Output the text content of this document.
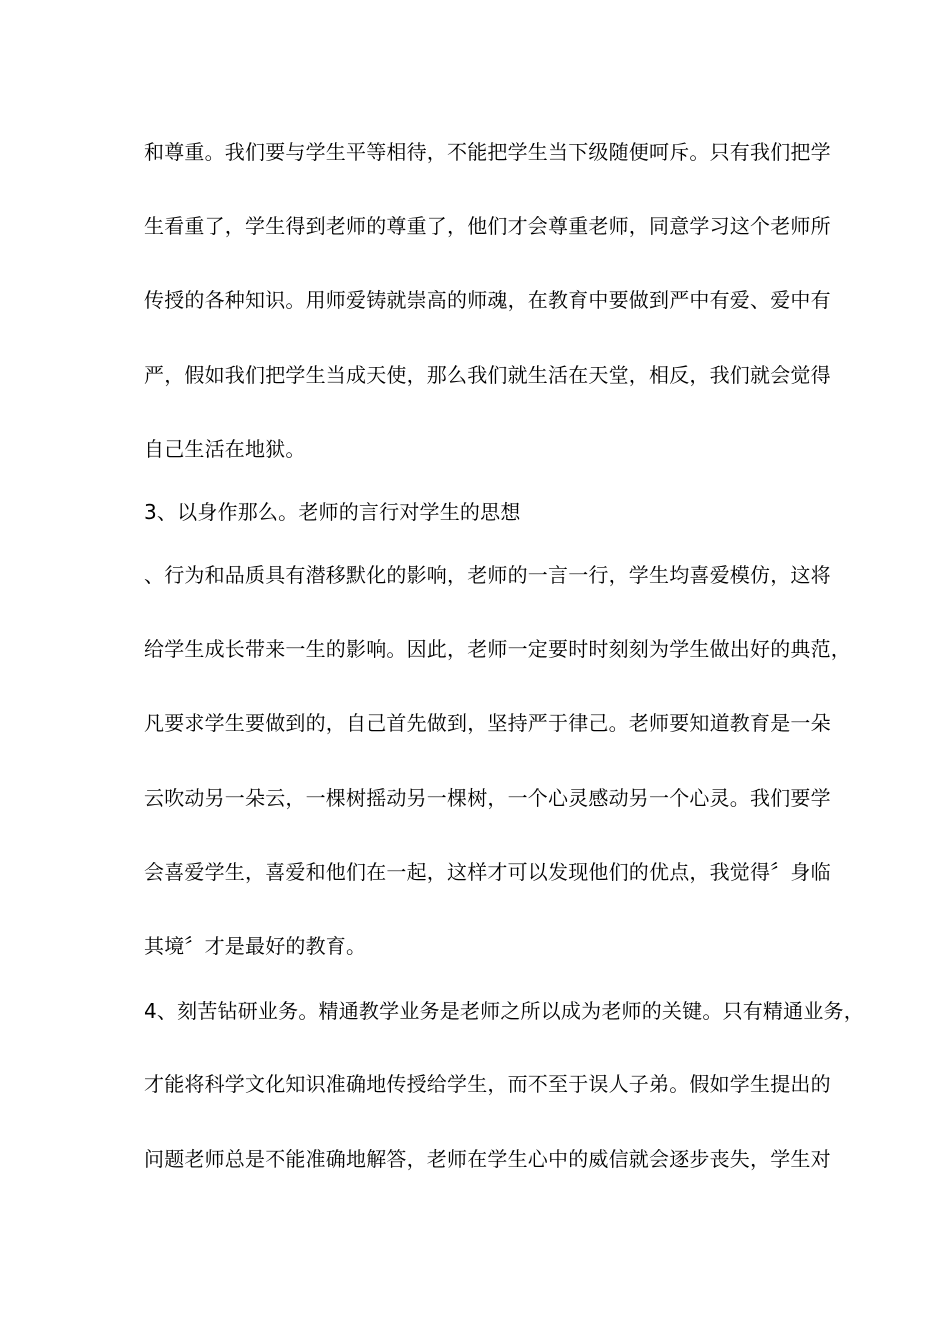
和尊重。我们要与学生平等相待，不能把学生当下级随便呵斥。只有我们把学
生看重了，学生得到老师的尊重了，他们才会尊重老师，同意学习这个老师所
传授的各种知识。用师爱铸就崇高的师魂，在教育中要做到严中有爱、爱中有
严，假如我们把学生当成天使，那么我们就生活在天堂，相反，我们就会觉得
自己生活在地狱。
3、以身作那么。老师的言行对学生的思想
、行为和品质具有潜移默化的影响，老师的一言一行，学生均喜爱模仿，这将
给学生成长带来一生的影响。因此，老师一定要时时刻刻为学生做出好的典范，
凡要求学生要做到的，自己首先做到，坚持严于律己。老师要知道教育是一朵
云吹动另一朵云，一棵树摇动另一棵树，一个心灵感动另一个心灵。我们要学
会喜爱学生，喜爱和他们在一起，这样才可以发现他们的优点，我觉得〞身临
其境〞才是最好的教育。
4、刻苦钻研业务。精通教学业务是老师之所以成为老师的关键。只有精通业务，
才能将科学文化知识准确地传授给学生，而不至于误人子弟。假如学生提出的
问题老师总是不能准确地解答，老师在学生心中的威信就会逐步丧失，学生对
